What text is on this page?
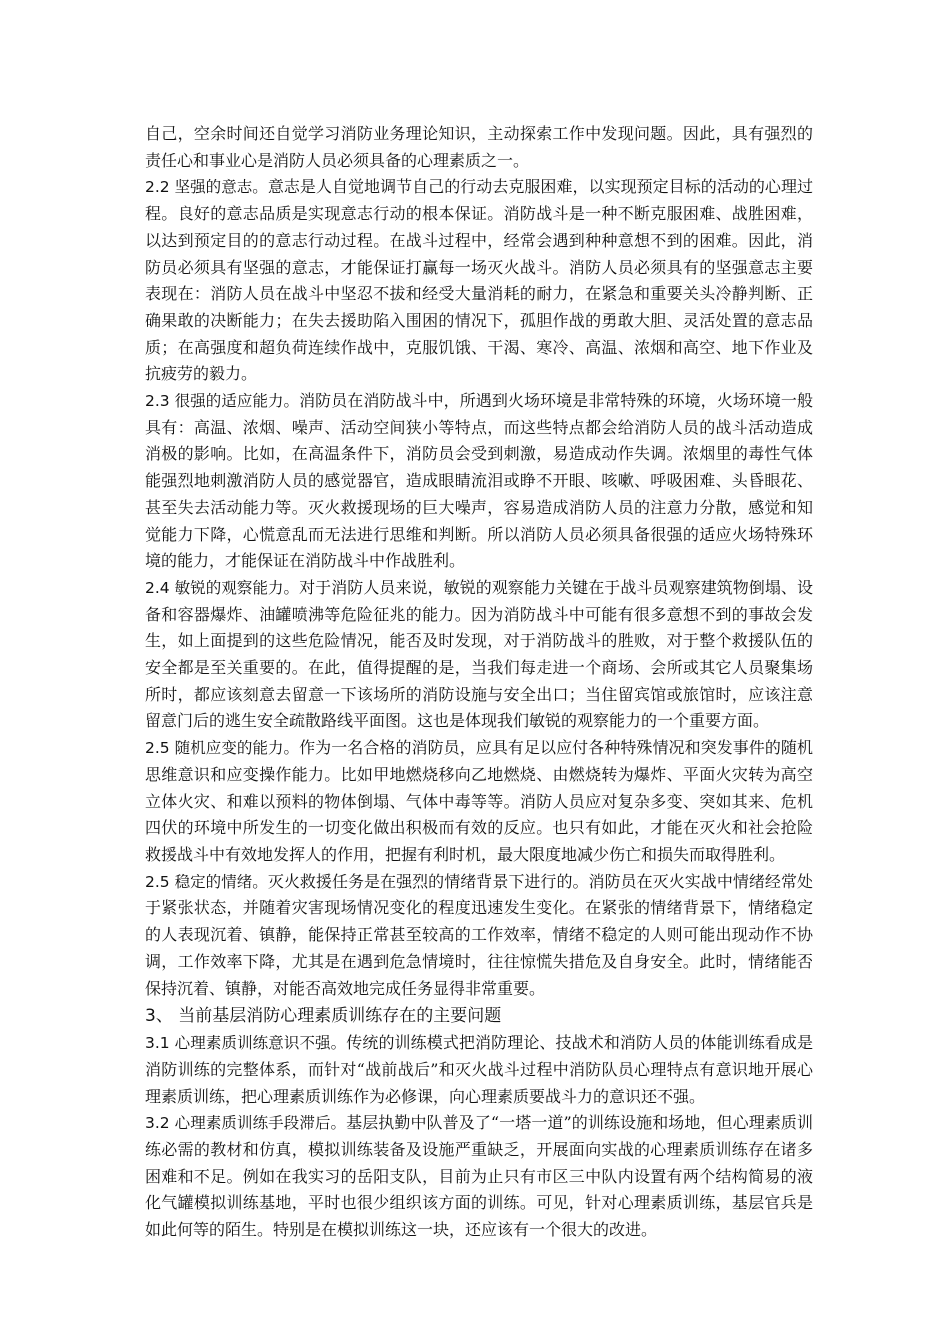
自己，空余时间还自觉学习消防业务理论知识，主动探索工作中发现问题。因此，具有强烈的责任心和事业心是消防人员必须具备的心理素质之一。

2.2 坚强的意志。意志是人自觉地调节自己的行动去克服困难，以实现预定目标的活动的心理过程。良好的意志品质是实现意志行动的根本保证。消防战斗是一种不断克服困难、战胜困难，以达到预定目的的意志行动过程。在战斗过程中，经常会遇到种种意想不到的困难。因此，消防员必须具有坚强的意志，才能保证打赢每一场灭火战斗。消防人员必须具有的坚强意志主要表现在：消防人员在战斗中坚忍不拔和经受大量消耗的耐力，在紧急和重要关头冷静判断、正确果敢的决断能力；在失去援助陷入围困的情况下，孤胆作战的勇敢大胆、灵活处置的意志品质；在高强度和超负荷连续作战中，克服饥饿、干渴、寒冷、高温、浓烟和高空、地下作业及抗疲劳的毅力。

2.3 很强的适应能力。消防员在消防战斗中，所遇到火场环境是非常特殊的环境，火场环境一般具有：高温、浓烟、噪声、活动空间狭小等特点，而这些特点都会给消防人员的战斗活动造成消极的影响。比如，在高温条件下，消防员会受到刺激，易造成动作失调。浓烟里的毒性气体能强烈地刺激消防人员的感觉器官，造成眼睛流泪或睁不开眼、咳嗽、呼吸困难、头昏眼花、甚至失去活动能力等。灭火救援现场的巨大噪声，容易造成消防人员的注意力分散，感觉和知觉能力下降，心慌意乱而无法进行思维和判断。所以消防人员必须具备很强的适应火场特殊环境的能力，才能保证在消防战斗中作战胜利。

2.4 敏锐的观察能力。对于消防人员来说，敏锐的观察能力关键在于战斗员观察建筑物倒塌、设备和容器爆炸、油罐喷沸等危险征兆的能力。因为消防战斗中可能有很多意想不到的事故会发生，如上面提到的这些危险情况，能否及时发现，对于消防战斗的胜败，对于整个救援队伍的安全都是至关重要的。在此，值得提醒的是，当我们每走进一个商场、会所或其它人员聚集场所时，都应该刻意去留意一下该场所的消防设施与安全出口；当住留宾馆或旅馆时，应该注意留意门后的逃生安全疏散路线平面图。这也是体现我们敏锐的观察能力的一个重要方面。

2.5 随机应变的能力。作为一名合格的消防员，应具有足以应付各种特殊情况和突发事件的随机思维意识和应变操作能力。比如甲地燃烧移向乙地燃烧、由燃烧转为爆炸、平面火灾转为高空立体火灾、和难以预料的物体倒塌、气体中毒等等。消防人员应对复杂多变、突如其来、危机四伏的环境中所发生的一切变化做出积极而有效的反应。也只有如此，才能在灭火和社会抢险救援战斗中有效地发挥人的作用，把握有利时机，最大限度地减少伤亡和损失而取得胜利。

2.5 稳定的情绪。灭火救援任务是在强烈的情绪背景下进行的。消防员在灭火实战中情绪经常处于紧张状态，并随着灾害现场情况变化的程度迅速发生变化。在紧张的情绪背景下，情绪稳定的人表现沉着、镇静，能保持正常甚至较高的工作效率，情绪不稳定的人则可能出现动作不协调，工作效率下降，尤其是在遇到危急情境时，往往惊慌失措危及自身安全。此时，情绪能否保持沉着、镇静，对能否高效地完成任务显得非常重要。

3、 当前基层消防心理素质训练存在的主要问题

3.1 心理素质训练意识不强。传统的训练模式把消防理论、技战术和消防人员的体能训练看成是消防训练的完整体系，而针对“战前战后”和灭火战斗过程中消防队员心理特点有意识地开展心理素质训练，把心理素质训练作为必修课，向心理素质要战斗力的意识还不强。

3.2 心理素质训练手段滞后。基层执勤中队普及了“一塔一道”的训练设施和场地，但心理素质训练必需的教材和仿真，模拟训练装备及设施严重缺乏，开展面向实战的心理素质训练存在诸多困难和不足。例如在我实习的岳阳支队，目前为止只有市区三中队内设置有两个结构简易的液化气罐模拟训练基地，平时也很少组织该方面的训练。可见，针对心理素质训练，基层官兵是如此何等的陌生。特别是在模拟训练这一块，还应该有一个很大的改进。
